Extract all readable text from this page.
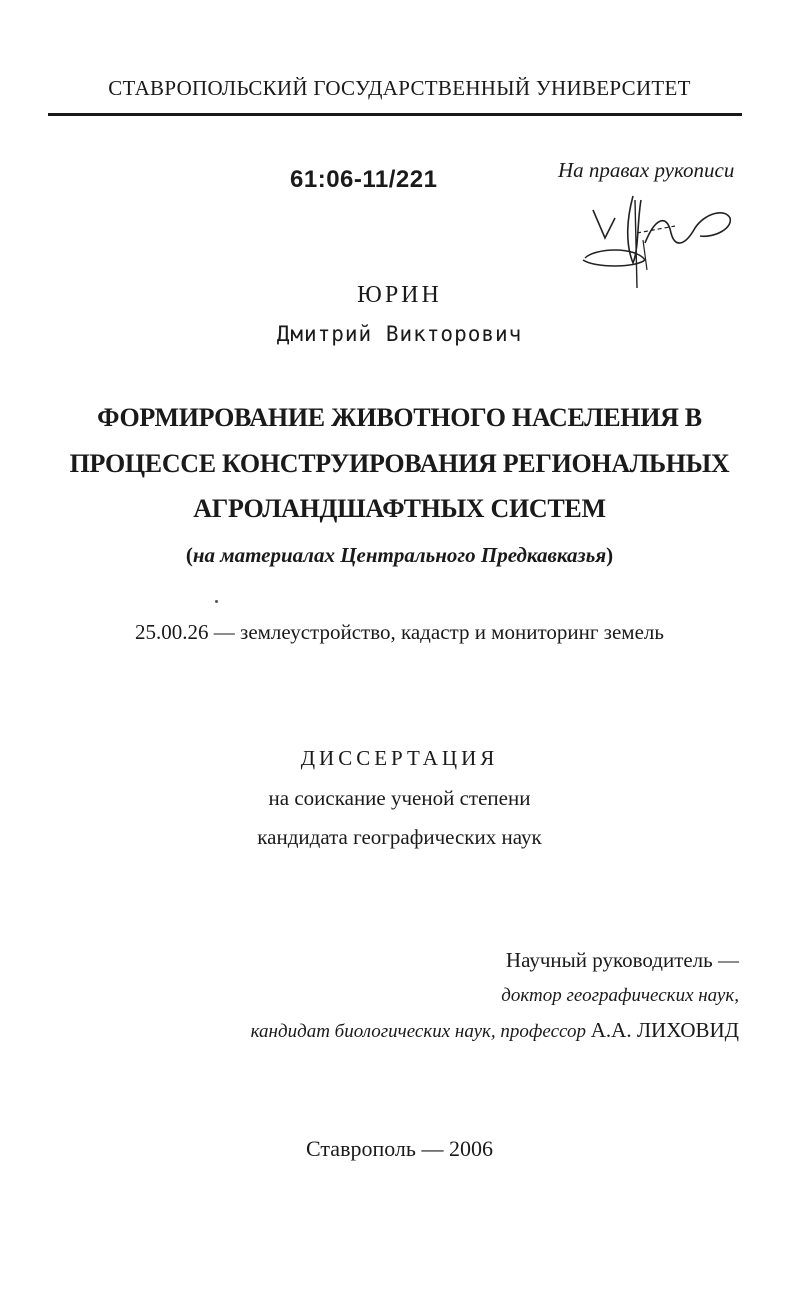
СТАВРОПОЛЬСКИЙ ГОСУДАРСТВЕННЫЙ УНИВЕРСИТЕТ
61:06-11/221	На правах рукописи
ЮРИН
Дмитрий Викторович
ФОРМИРОВАНИЕ ЖИВОТНОГО НАСЕЛЕНИЯ В
ПРОЦЕССЕ КОНСТРУИРОВАНИЯ РЕГИОНАЛЬНЫХ
АГРОЛАНДШАФТНЫХ СИСТЕМ
(на материалах Центрального Предкавказья)
25.00.26 — землеустройство, кадастр и мониторинг земель
ДИССЕРТАЦИЯ
на соискание ученой степени
кандидата географических наук
Научный руководитель —
доктор географических наук,
кандидат биологических наук, профессор А.А. ЛИХОВИД
Ставрополь — 2006
